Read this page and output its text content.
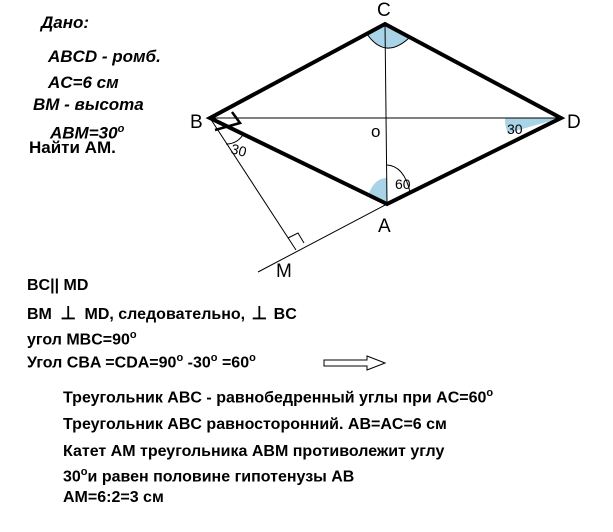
C
B	D
A
o
M
30
30
60
Дано:
ABCD - ромб.
AC=6 см
BM - высота
$ABM=30^o$
Найти АМ.
BC|| MD
BM ⊥ MD, следовательно, ⊥ BC
угол $MBC=90^o$
Угол CBA $=CDA=90^o$ $-30^o =60^o$
Треугольник ABC - равнобедренный углы при $AC=60^o$
Треугольник ABC равносторонний. AB=AC=6 см
Катет AM треугольника ABM противолежит углу
30$^o$и равен половине гипотенузы AB
AM=6:2=3 см
